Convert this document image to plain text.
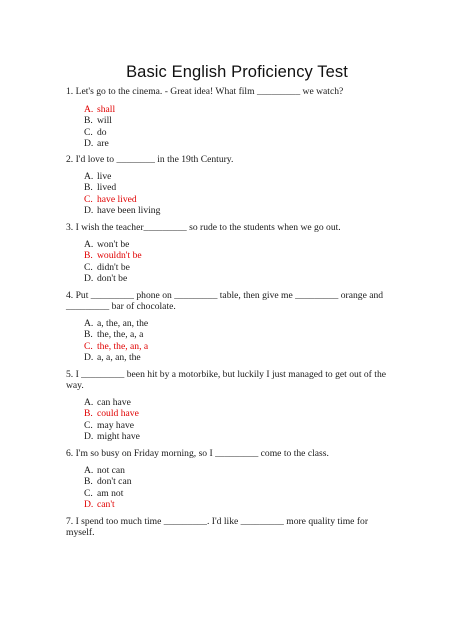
Basic English Proficiency Test

1. Let's go to the cinema. - Great idea! What film _________ we watch?

A. shall
B. will
C. do
D. are

2. I'd love to ________ in the 19th Century.

A. live
B. lived
C. have lived
D. have been living

3. I wish the teacher_________ so rude to the students when we go out.

A. won't be
B. wouldn't be
C. didn't be
D. don't be

4. Put _________ phone on _________ table, then give me _________ orange and _________ bar of chocolate.

A. a, the, an, the
B. the, the, a, a
C. the, the, an, a
D. a, a, an, the

5. I _________ been hit by a motorbike, but luckily I just managed to get out of the way.

A. can have
B. could have
C. may have
D. might have

6. I'm so busy on Friday morning, so I _________ come to the class.

A. not can
B. don't can
C. am not
D. can't

7. I spend too much time _________. I'd like _________ more quality time for myself.
